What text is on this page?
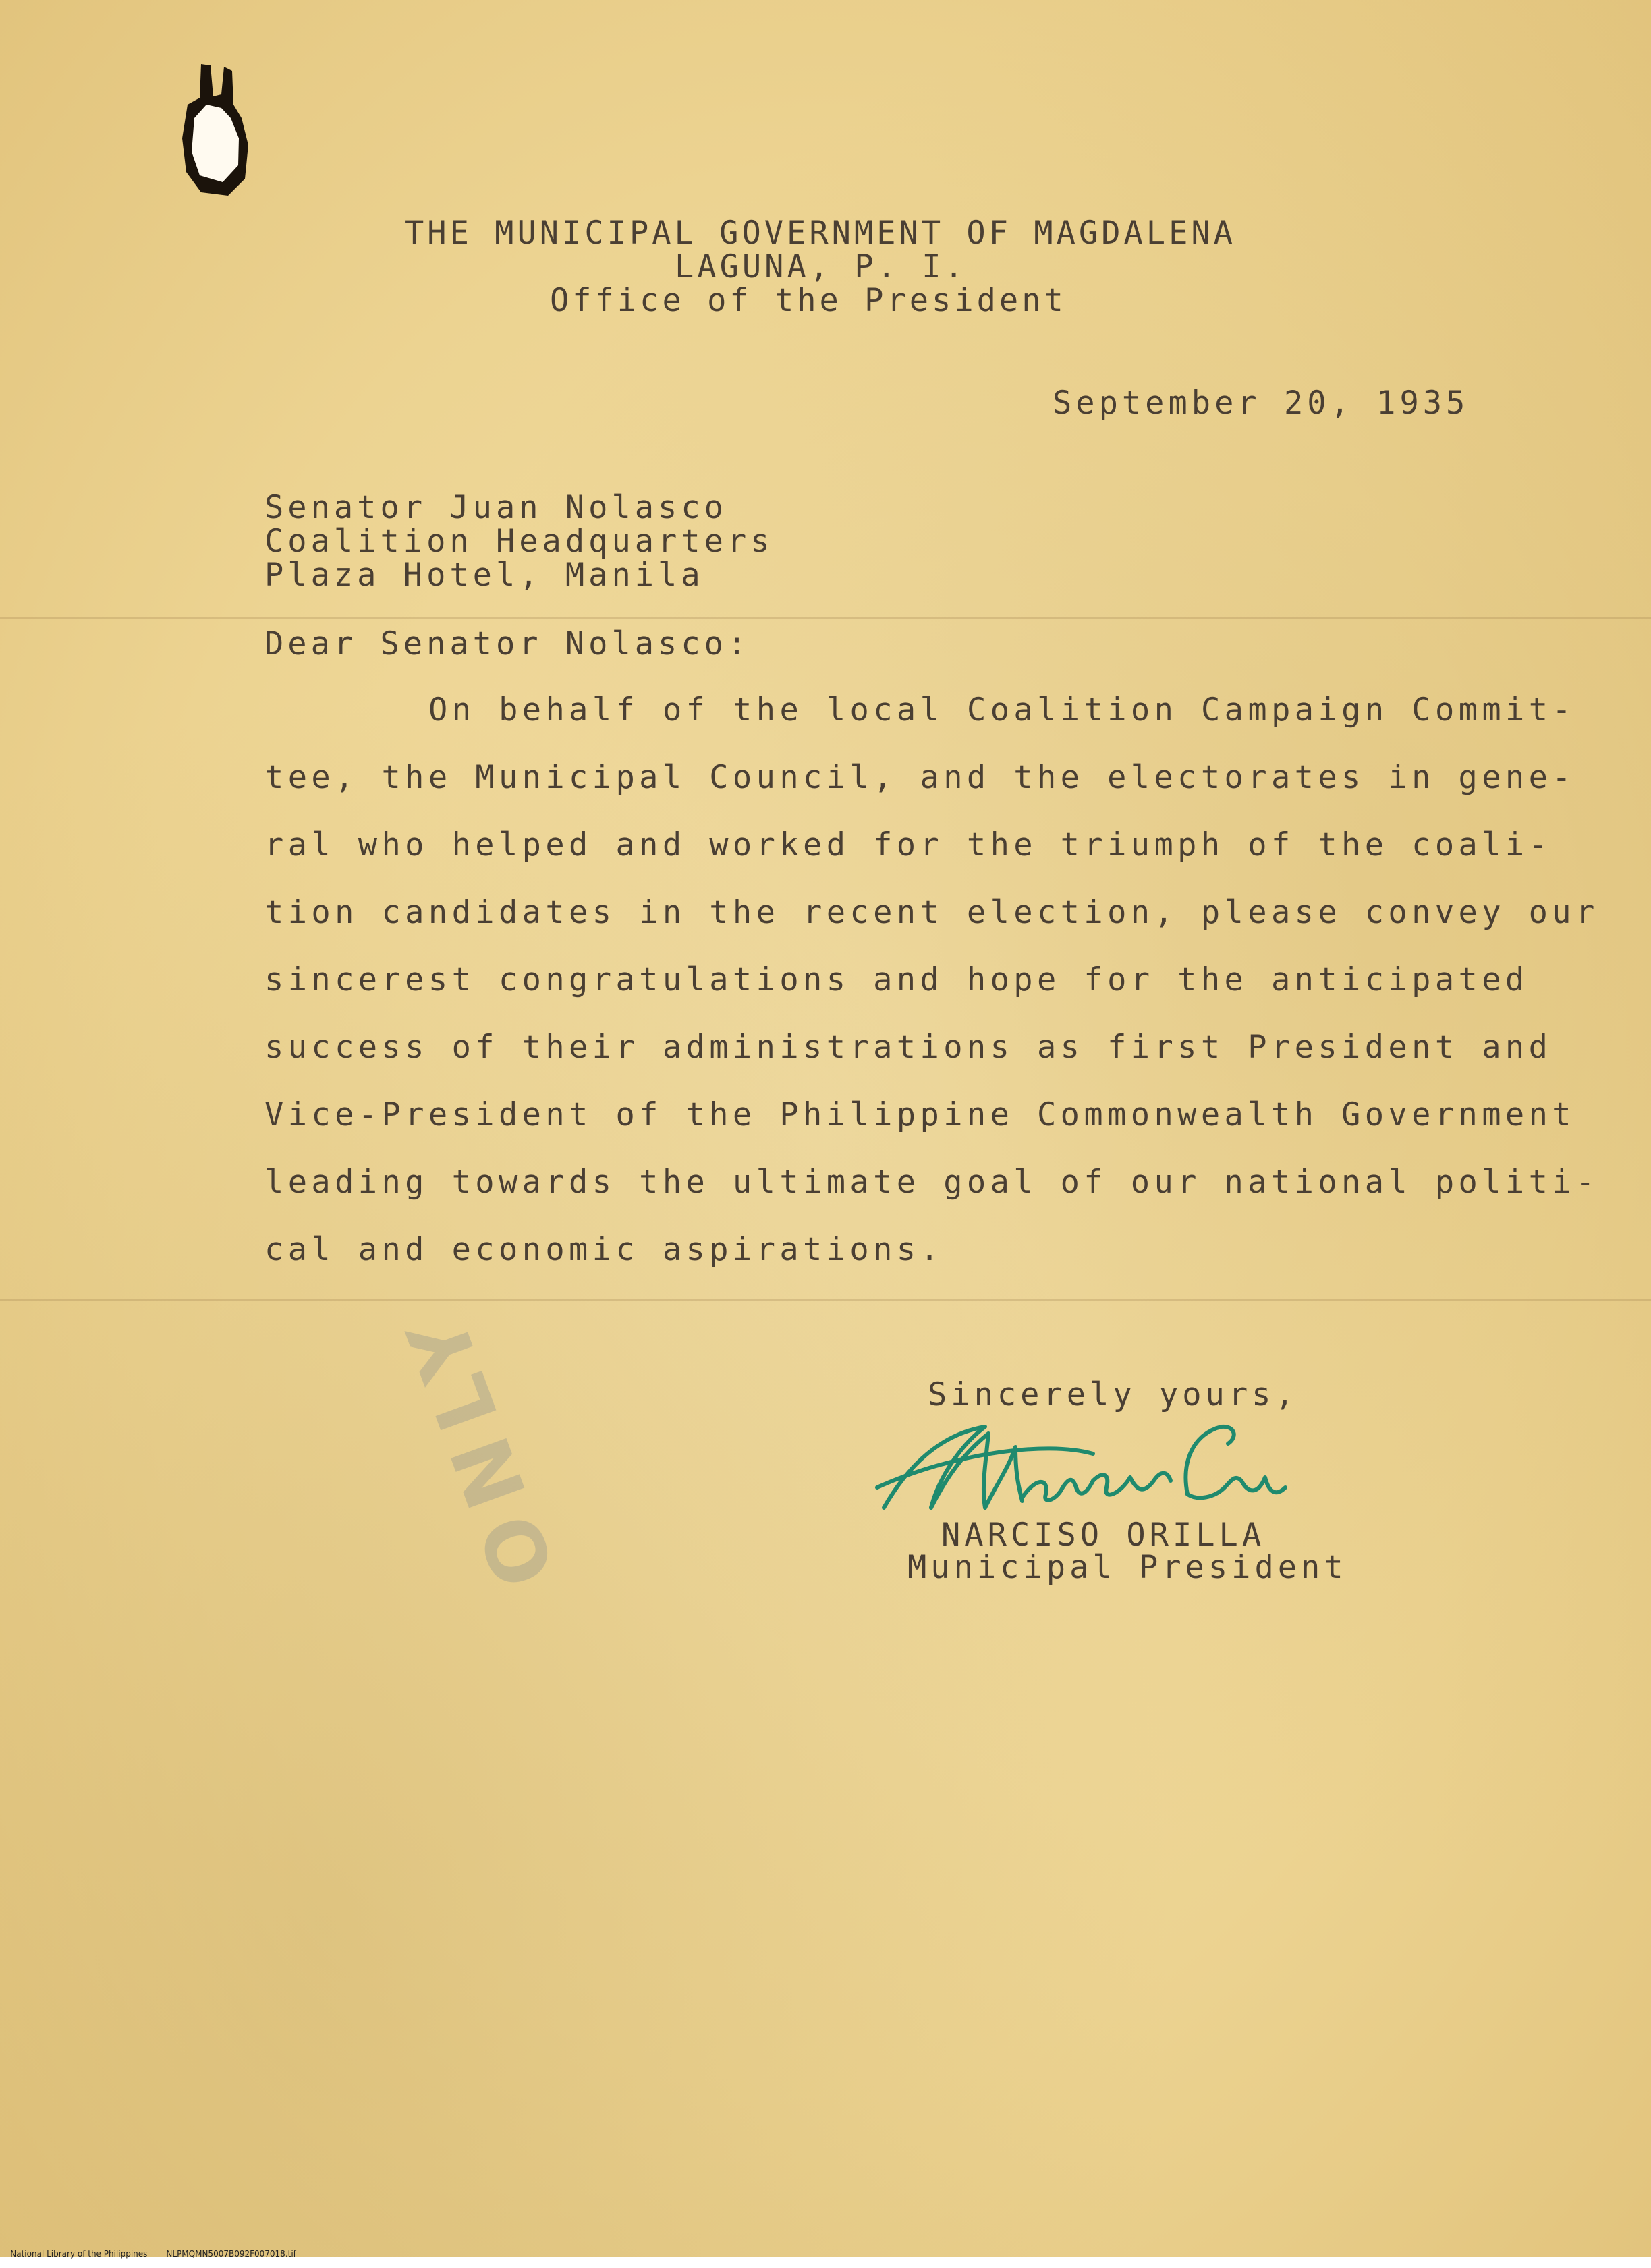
THE MUNICIPAL GOVERNMENT OF MAGDALENA
LAGUNA, P. I.
Office of the President
September 20, 1935
Senator Juan Nolasco
Coalition Headquarters
Plaza Hotel, Manila
Dear Senator Nolasco:
On behalf of the local Coalition Campaign Commit-
tee, the Municipal Council, and the electorates in gene-
ral who helped and worked for the triumph of the coali-
tion candidates in the recent election, please convey our
sincerest congratulations and hope for the anticipated
success of their administrations as first President and
Vice-President of the Philippine Commonwealth Government
leading towards the ultimate goal of our national politi-
cal and economic aspirations.
Sincerely yours,
NARCISO ORILLA
Municipal President
ONLY

National Library of the Philippines NLPMQMN5007B092F007018.tif
